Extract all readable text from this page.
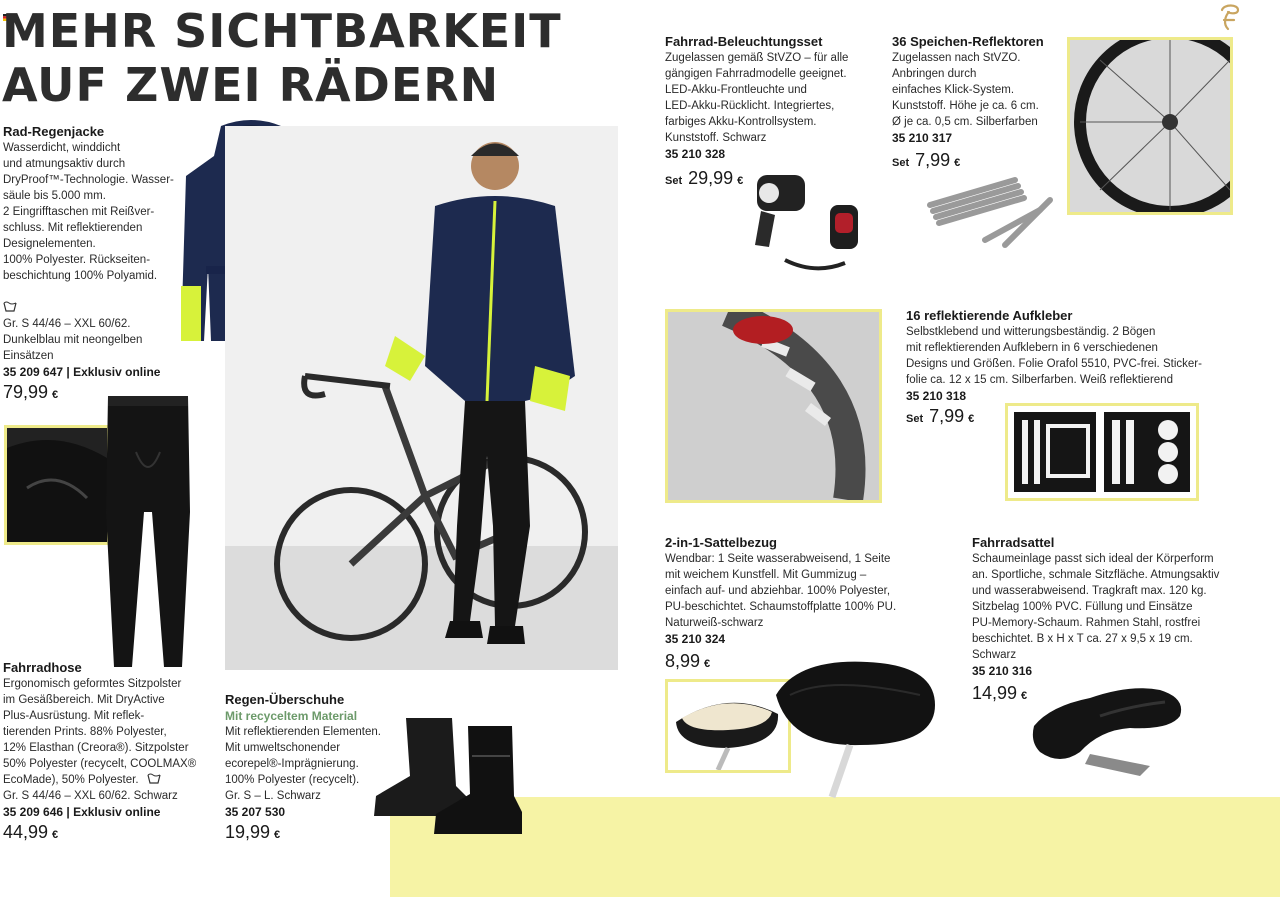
MEHR SICHTBARKEIT
AUF ZWEI RÄDERN
Rad-Regenjacke
Wasserdicht, winddicht
und atmungsaktiv durch
DryProof™-Technologie. Wasser-
säule bis 5.000 mm.
2 Eingrifftaschen mit Reißver-
schluss. Mit reflektierenden
Designelementen.
100% Polyester. Rückseiten-
beschichtung 100% Polyamid.

Gr. S 44/46 – XXL 60/62.

Dunkelblau mit neongelben
Einsätzen
35 209 647 | Exklusiv online
79,99 €
Fahrradhose
Ergonomisch geformtes Sitzpolster
im Gesäßbereich. Mit DryActive
Plus-Ausrüstung. Mit reflek-
tierenden Prints. 88% Polyester,
12% Elasthan (Creora®). Sitzpolster
50% Polyester (recycelt, COOLMAX®
EcoMade), 50% Polyester.
Gr. S 44/46 – XXL 60/62. Schwarz
35 209 646 | Exklusiv online
44,99 €
Regen-Überschuhe
Mit recyceltem Material
Mit reflektierenden Elementen.
Mit umweltschonender
ecorepel®-Imprägnierung.
100% Polyester (recycelt).
Gr. S – L. Schwarz
35 207 530
19,99 €
Fahrrad-Beleuchtungsset
Zugelassen gemäß StVZO – für alle
gängigen Fahrradmodelle geeignet.
LED-Akku-Frontleuchte und
LED-Akku-Rücklicht. Integriertes,
farbiges Akku-Kontrollsystem.
Kunststoff. Schwarz
35 210 328
Set 29,99 €
36 Speichen-Reflektoren
Zugelassen nach StVZO.
Anbringen durch
einfaches Klick-System.
Kunststoff. Höhe je ca. 6 cm.
Ø je ca. 0,5 cm. Silberfarben
35 210 317
Set 7,99 €
16 reflektierende Aufkleber
Selbstklebend und witterungsbeständig. 2 Bögen
mit reflektierenden Aufklebern in 6 verschiedenen
Designs und Größen. Folie Orafol 5510, PVC-frei. Sticker-
folie ca. 12 x 15 cm. Silberfarben. Weiß reflektierend
35 210 318
Set 7,99 €
2-in-1-Sattelbezug
Wendbar: 1 Seite wasserabweisend, 1 Seite
mit weichem Kunstfell. Mit Gummizug –
einfach auf- und abziehbar. 100% Polyester,
PU-beschichtet. Schaumstoffplatte 100% PU.
Naturweiß-schwarz
35 210 324
8,99 €
Fahrradsattel
Schaumeinlage passt sich ideal der Körperform
an. Sportliche, schmale Sitzfläche. Atmungsaktiv
und wasserabweisend. Tragkraft max. 120 kg.
Sitzbelag 100% PVC. Füllung und Einsätze
PU-Memory-Schaum. Rahmen Stahl, rostfrei
beschichtet. B x H x T ca. 27 x 9,5 x 19 cm.
Schwarz
35 210 316
14,99 €
